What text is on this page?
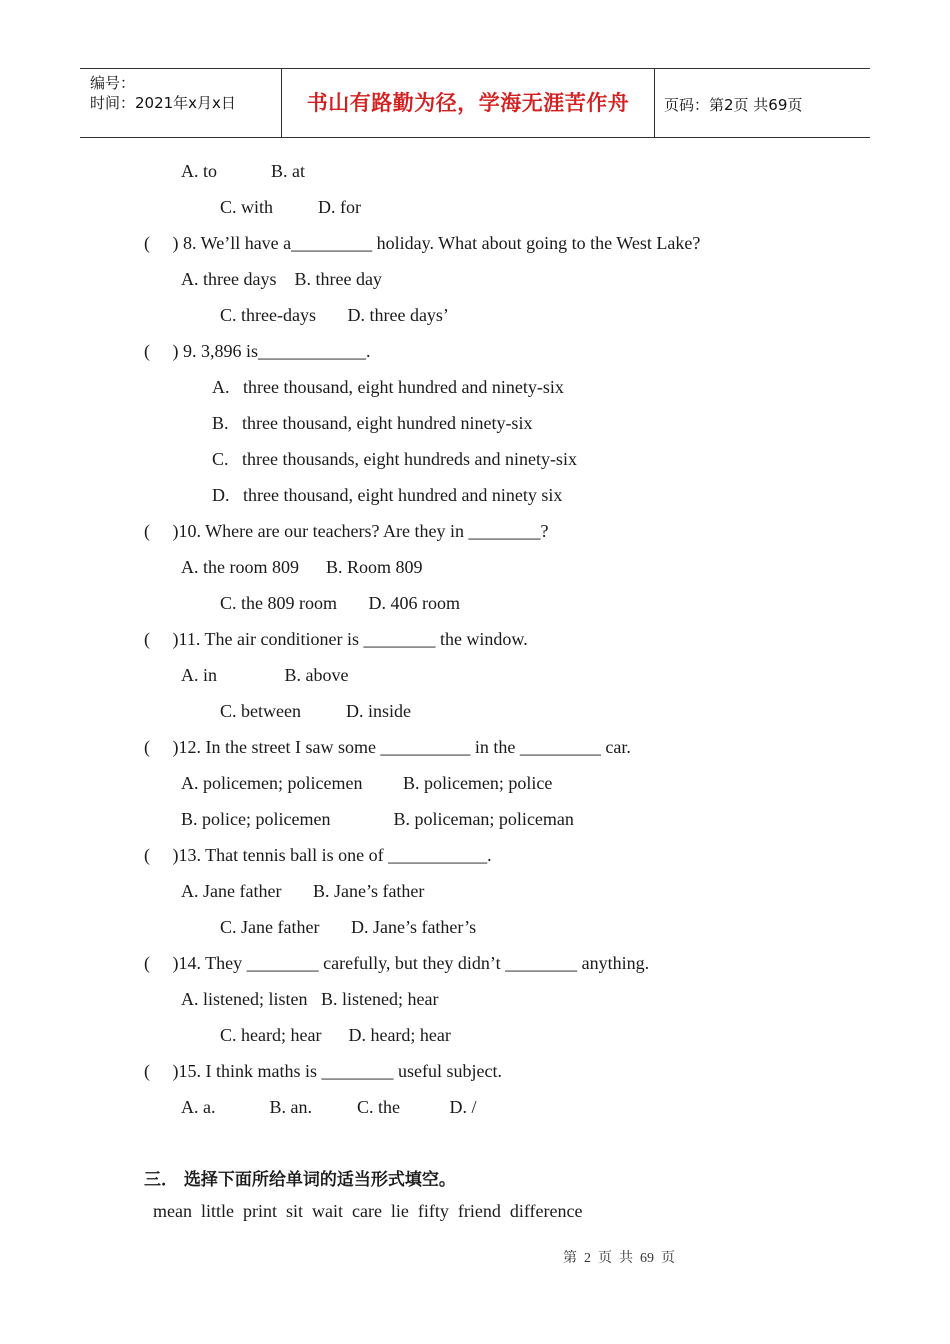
编号：
时间：2021年x月x日	书山有路勤为径，学海无涯苦作舟	页码：第2页 共69页
A. to            B. at
C. with          D. for
(     ) 8. We’ll have a_________ holiday. What about going to the West Lake?
A. three days    B. three day
C. three-days       D. three days’
(     ) 9. 3,896 is____________.
A.   three thousand, eight hundred and ninety-six
B.   three thousand, eight hundred ninety-six
C.   three thousands, eight hundreds and ninety-six
D.   three thousand, eight hundred and ninety six
(     )10. Where are our teachers? Are they in ________?
A. the room 809      B. Room 809
C. the 809 room       D. 406 room
(     )11. The air conditioner is ________ the window.
A. in               B. above
C. between          D. inside
(     )12. In the street I saw some __________ in the _________ car.
A. policemen; policemen         B. policemen; police
B. police; policemen              B. policeman; policeman
(     )13. That tennis ball is one of ___________.
A. Jane father       B. Jane’s father
C. Jane father       D. Jane’s father’s
(     )14. They ________ carefully, but they didn’t ________ anything.
A. listened; listen   B. listened; hear
C. heard; hear      D. heard; hear
(     )15. I think maths is ________ useful subject.
A. a.            B. an.          C. the           D. /
三． 选择下面所给单词的适当形式填空。
mean  little  print  sit  wait  care  lie  fifty  friend  difference
第  2  页  共  69  页
